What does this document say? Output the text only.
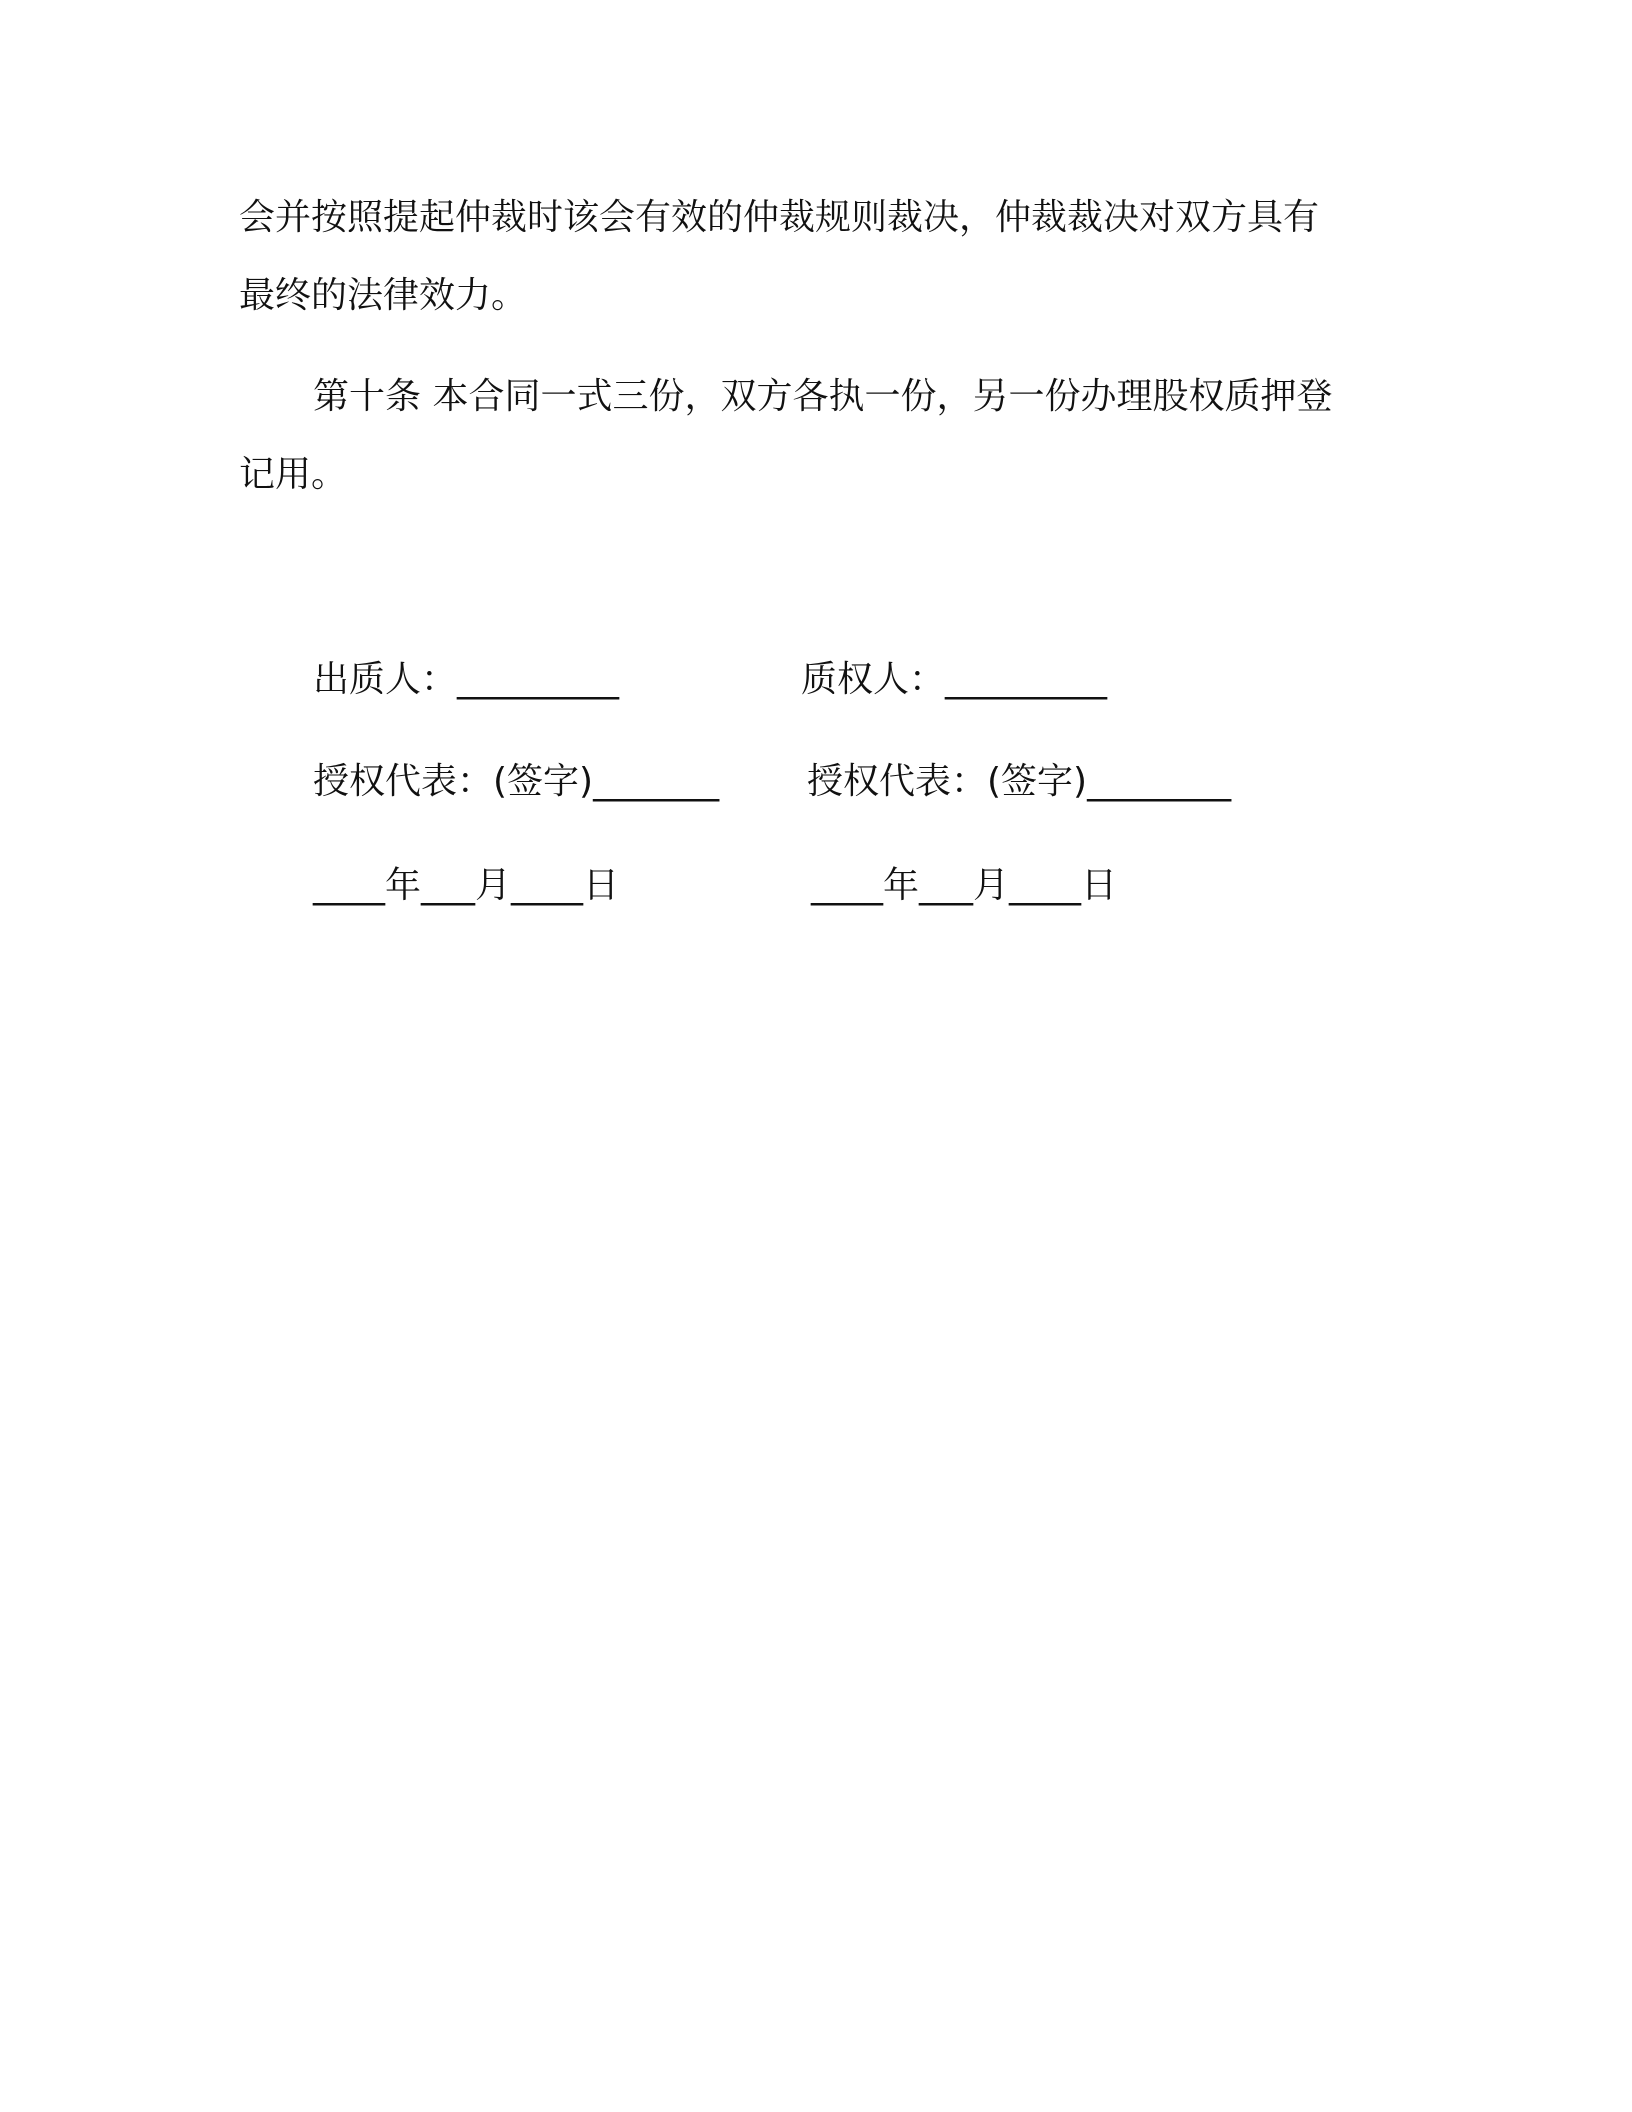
会并按照提起仲裁时该会有效的仲裁规则裁决，仲裁裁决对双方具有
最终的法律效力。
第十条 本合同一式三份，双方各执一份，另一份办理股权质押登
记用。
出质人：_________	质权人：_________
授权代表：(签字)_______ 授权代表：(签字)________
____年___月____日	____年___月____日
